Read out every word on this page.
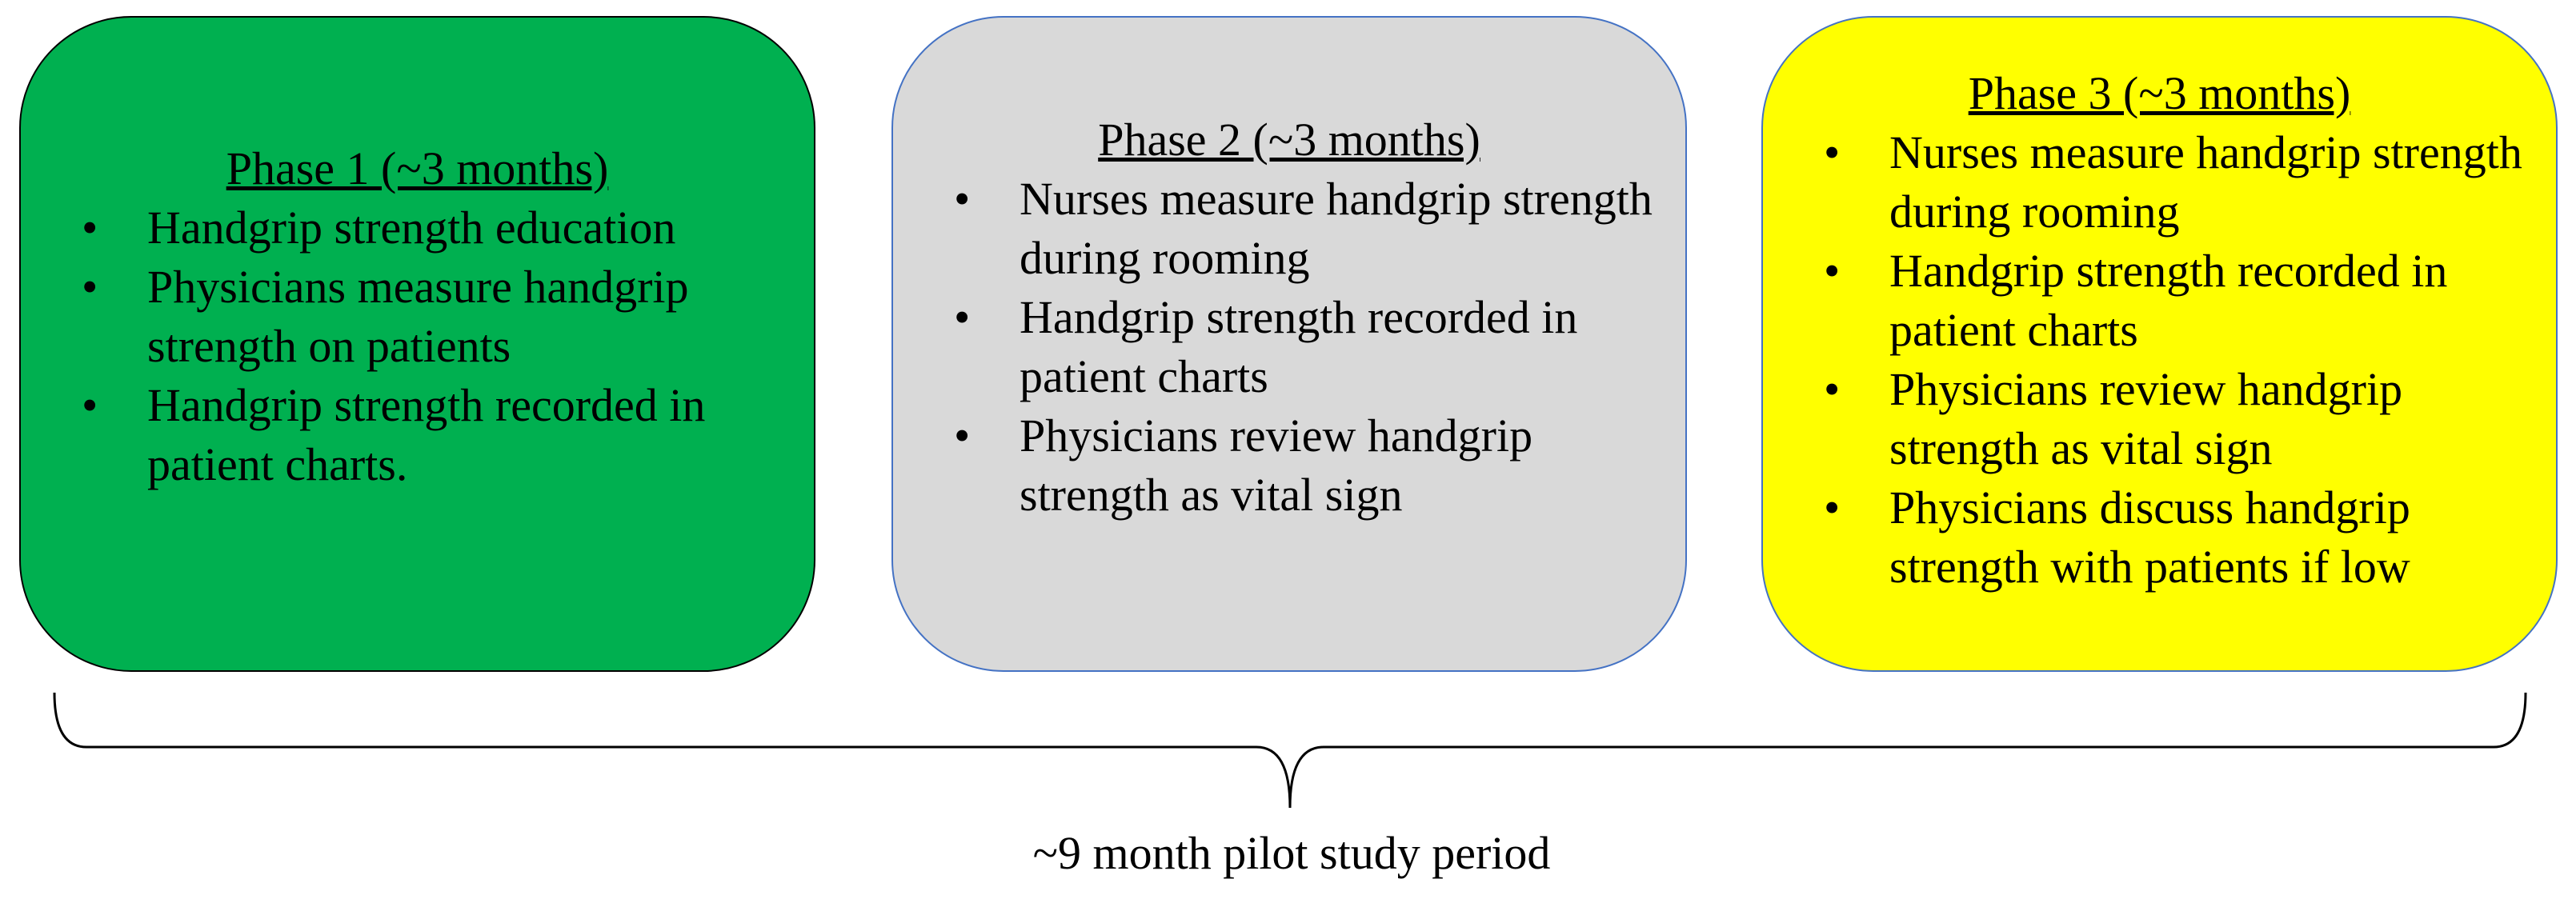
Phase 1 (~3 months)
• Handgrip strength education
• Physicians measure handgrip strength on patients
• Handgrip strength recorded in patient charts.
Phase 2 (~3 months)
• Nurses measure handgrip strength during rooming
• Handgrip strength recorded in patient charts
• Physicians review handgrip strength as vital sign
Phase 3 (~3 months)
• Nurses measure handgrip strength during rooming
• Handgrip strength recorded in patient charts
• Physicians review handgrip strength as vital sign
• Physicians discuss handgrip strength with patients if low
~9 month pilot study period
